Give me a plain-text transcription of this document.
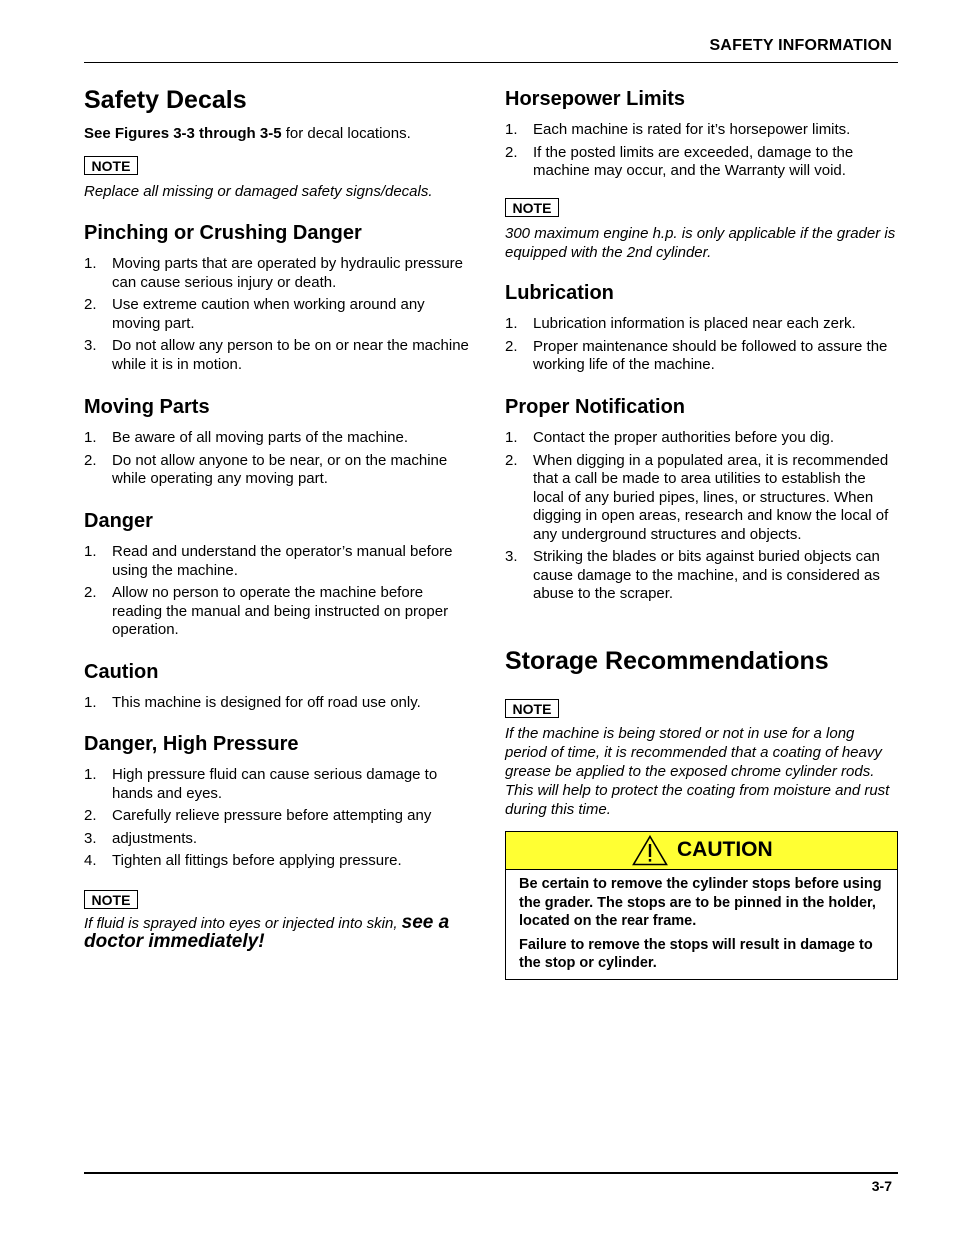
SAFETY INFORMATION
Safety Decals
See Figures 3-3 through 3-5 for decal locations.
NOTE
Replace all missing or damaged safety signs/decals.
Pinching or Crushing Danger
1. Moving parts that are operated by hydraulic pressure can cause serious injury or death.
2. Use extreme caution when working around any moving part.
3. Do not allow any person to be on or near the machine while it is in motion.
Moving Parts
1. Be aware of all moving parts of the machine.
2. Do not allow anyone to be near, or on the machine while operating any moving part.
Danger
1. Read and understand the operator’s manual before using the machine.
2. Allow no person to operate the machine before reading the manual and being instructed on proper operation.
Caution
1. This machine is designed for off road use only.
Danger, High Pressure
1. High pressure fluid can cause serious damage to hands and eyes.
2. Carefully relieve pressure before attempting any
3. adjustments.
4. Tighten all fittings before applying pressure.
NOTE
If fluid is sprayed into eyes or injected into skin, see a doctor immediately!
Horsepower Limits
1. Each machine is rated for it’s horsepower limits.
2. If the posted limits are exceeded, damage to the machine may occur, and the Warranty will void.
NOTE
300 maximum engine h.p. is only applicable if the grader is equipped with the 2nd cylinder.
Lubrication
1. Lubrication information is placed near each zerk.
2. Proper maintenance should be followed to assure the working life of the machine.
Proper Notification
1. Contact the proper authorities before you dig.
2. When digging in a populated area, it is recommended that a call be made to area utilities to establish the local of any buried pipes, lines, or structures. When digging in open areas, research and know the local of any underground structures and objects.
3. Striking the blades or bits against buried objects can cause damage to the machine, and is considered as abuse to the scraper.
Storage Recommendations
NOTE
If the machine is being stored or not in use for a long period of time, it is recommended that a coating of heavy grease be applied to the exposed chrome cylinder rods. This will help to protect the coating from moisture and rust during this time.
CAUTION

Be certain to remove the cylinder stops before using the grader. The stops are to be pinned in the holder, located on the rear frame.

Failure to remove the stops will result in damage to the stop or cylinder.

3-7
